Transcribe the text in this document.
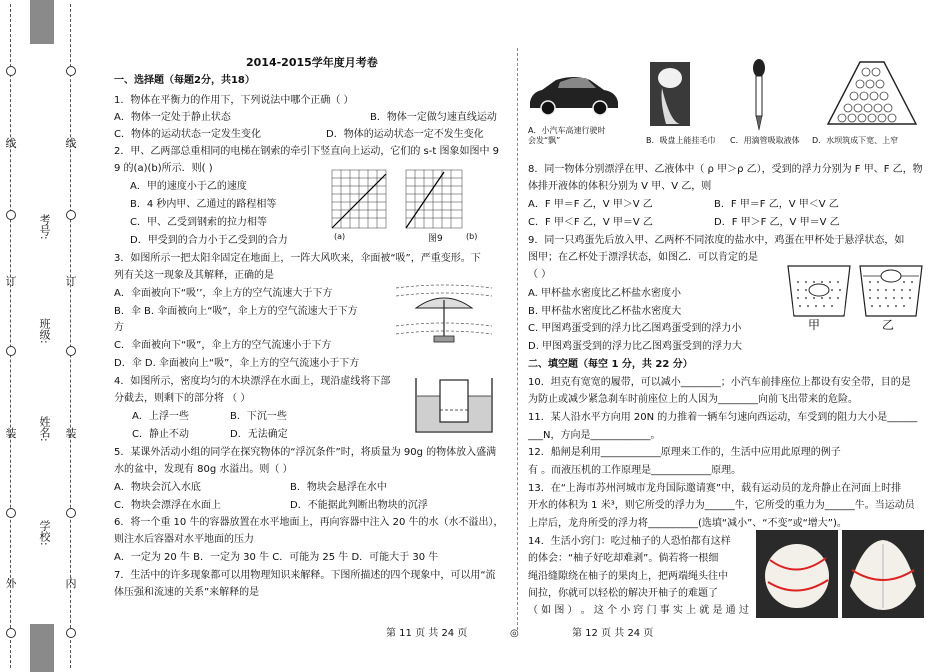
线
订
装
外
线
订
装
内
考号:
班级:
姓名:
学校:
2014-2015学年度月考卷
一、选择题（每题2分，共18）
1．物体在平衡力的作用下，下列说法中哪个正确（ ）
A．物体一定处于静止状态	B．物体一定做匀速直线运动
C．物体的运动状态一定发生变化	D．物体的运动状态一定不发生变化
2．甲、乙两部总重相同的电梯在钢索的牵引下竖直向上运动，它们的 s-t 图象如图中 9
9 的(a)(b)所示．则( )
A．甲的速度小于乙的速度
B．4 秒内甲、乙通过的路程相等
C．甲、乙受到钢索的拉力相等
D．甲受到的合力小于乙受到的合力
3．如图所示一把太阳伞固定在地面上，一阵大风吹来，伞面被“吸”，严重变形。下
列有关这一现象及其解释，正确的是
A．伞面被向下“吸’’，伞上方的空气流速大于下方
B．伞 B. 伞面被向上“吸”，伞上方的空气流速大于下方
方
C．伞面被向下“吸”，伞上方的空气流速小于下方
D．伞 D. 伞面被向上“吸”，伞上方的空气流速小于下方
4．如图所示，密度均匀的木块漂浮在水面上，现沿虚线将下部
分截去，则剩下的部分将 （ ）
A．上浮一些	B．下沉一些
C．静止不动	D．无法确定
5．某课外活动小组的同学在探究物体的“浮沉条件”时，将质量为 90g 的物体放入盛满
水的盆中，发现有 80g 水溢出。则（ ）
A．物块会沉入水底	B．物块会悬浮在水中
C．物块会漂浮在水面上	D．不能据此判断出物块的沉浮
6．将一个重 10 牛的容器放置在水平地面上，再向容器中注入 20 牛的水（水不溢出），
则注水后容器对水平地面的压力
A．一定为 20 牛 B．一定为 30 牛 C．可能为 25 牛 D．可能大于 30 牛
7．生活中的许多现象都可以用物理知识来解释。下图所描述的四个现象中，可以用“流
体压强和流速的关系”来解释的是
(a)	(b)
图9
A．小汽车高速行驶时会发“飘”	B．吸盘上能挂毛巾 C．用滴管吸取液体 D．水坝筑成下宽、上窄
8．同一物体分别漂浮在甲、乙液体中（ ρ 甲＞ρ 乙），受到的浮力分别为 F 甲、F 乙，物
体排开液体的体积分别为 V 甲、V 乙，则
A．F 甲＝F 乙，V 甲＞V 乙	B．F 甲＝F 乙，V 甲＜V 乙
C．F 甲＜F 乙，V 甲＝V 乙	D．F 甲＞F 乙，V 甲＝V 乙
9．同一只鸡蛋先后放入甲、乙两杯不同浓度的盐水中，鸡蛋在甲杯处于悬浮状态，如
图甲；在乙杯处于漂浮状态，如图乙．可以肯定的是
（ ）
A. 甲杯盐水密度比乙杯盐水密度小
B. 甲杯盐水密度比乙杯盐水密度大
C. 甲图鸡蛋受到的浮力比乙图鸡蛋受到的浮力小
D. 甲图鸡蛋受到的浮力比乙图鸡蛋受到的浮力大
二、填空题（每空 1 分，共 22 分）
10．坦克有宽宽的履带，可以减小________；小汽车前排座位上都设有安全带，目的是
为防止或减少紧急刹车时前座位上的人因为________向前飞出带来的危险。
11．某人沿水平方向用 20N 的力推着一辆车匀速向西运动，车受到的阻力大小是______
___N，方向是____________。
12．船闸是利用____________原理来工作的，生活中应用此原理的例子
有 。而液压机的工作原理是____________原理。
13．在“上海市苏州河城市龙舟国际邀请赛”中，载有运动员的龙舟静止在河面上时排
开水的体积为 1 米³，则它所受的浮力为______牛，它所受的重力为______牛。当运动员
上岸后，龙舟所受的浮力将__________(选填“减小”、“不变”或“增大”)。
14．生活小窍门：吃过柚子的人恐怕都有这样
的体会：“柚子好吃却难剥”。倘若将一根细
绳沿缝隙绕在柚子的果肉上，把两端绳头往中
间拉，你就可以轻松的解决开柚子的难题了
（ 如 图 ） 。 这 个 小 窍 门 事 实 上 就 是 通 过
甲	乙
第 11 页 共 24 页	◎	第 12 页 共 24 页
